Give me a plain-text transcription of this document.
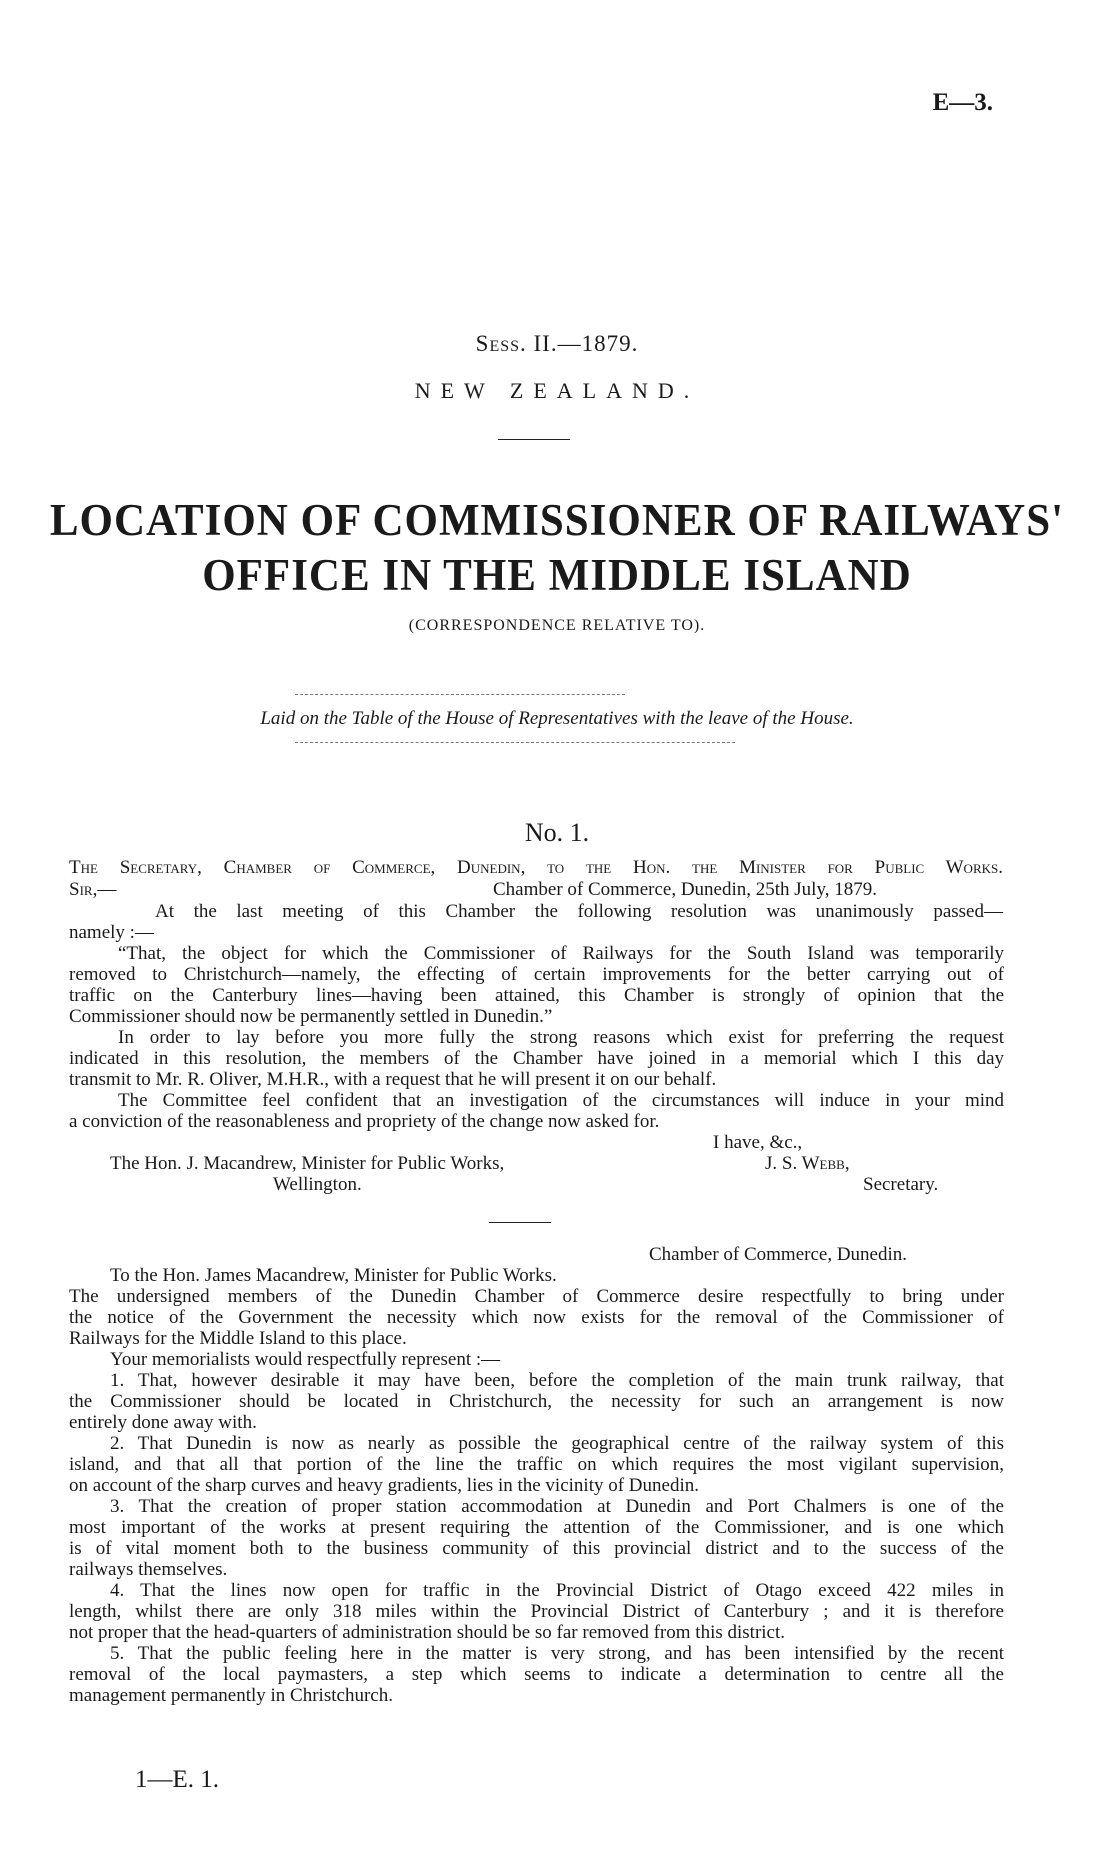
E—3.
Sess. II.—1879.
NEW ZEALAND.
LOCATION OF COMMISSIONER OF RAILWAYS'
OFFICE IN THE MIDDLE ISLAND
(CORRESPONDENCE RELATIVE TO).
Laid on the Table of the House of Representatives with the leave of the House.
No. 1.
The Secretary, Chamber of Commerce, Dunedin, to the Hon. the Minister for Public Works.
Sir,—	Chamber of Commerce, Dunedin, 25th July, 1879.
At the last meeting of this Chamber the following resolution was unanimously passed—
namely :—
“That, the object for which the Commissioner of Railways for the South Island was temporarily
removed to Christchurch—namely, the effecting of certain improvements for the better carrying out of
traffic on the Canterbury lines—having been attained, this Chamber is strongly of opinion that the
Commissioner should now be permanently settled in Dunedin.”
In order to lay before you more fully the strong reasons which exist for preferring the request
indicated in this resolution, the members of the Chamber have joined in a memorial which I this day
transmit to Mr. R. Oliver, M.H.R., with a request that he will present it on our behalf.
The Committee feel confident that an investigation of the circumstances will induce in your mind
a conviction of the reasonableness and propriety of the change now asked for.
I have, &c.,
The Hon. J. Macandrew, Minister for Public Works,	J. S. Webb,
Wellington.	Secretary.
Chamber of Commerce, Dunedin.
To the Hon. James Macandrew, Minister for Public Works.
The undersigned members of the Dunedin Chamber of Commerce desire respectfully to bring under
the notice of the Government the necessity which now exists for the removal of the Commissioner of
Railways for the Middle Island to this place.
Your memorialists would respectfully represent :—
1. That, however desirable it may have been, before the completion of the main trunk railway, that
the Commissioner should be located in Christchurch, the necessity for such an arrangement is now
entirely done away with.
2. That Dunedin is now as nearly as possible the geographical centre of the railway system of this
island, and that all that portion of the line the traffic on which requires the most vigilant supervision,
on account of the sharp curves and heavy gradients, lies in the vicinity of Dunedin.
3. That the creation of proper station accommodation at Dunedin and Port Chalmers is one of the
most important of the works at present requiring the attention of the Commissioner, and is one which
is of vital moment both to the business community of this provincial district and to the success of the
railways themselves.
4. That the lines now open for traffic in the Provincial District of Otago exceed 422 miles in
length, whilst there are only 318 miles within the Provincial District of Canterbury ; and it is therefore
not proper that the head-quarters of administration should be so far removed from this district.
5. That the public feeling here in the matter is very strong, and has been intensified by the recent
removal of the local paymasters, a step which seems to indicate a determination to centre all the
management permanently in Christchurch.
1—E. 1.
